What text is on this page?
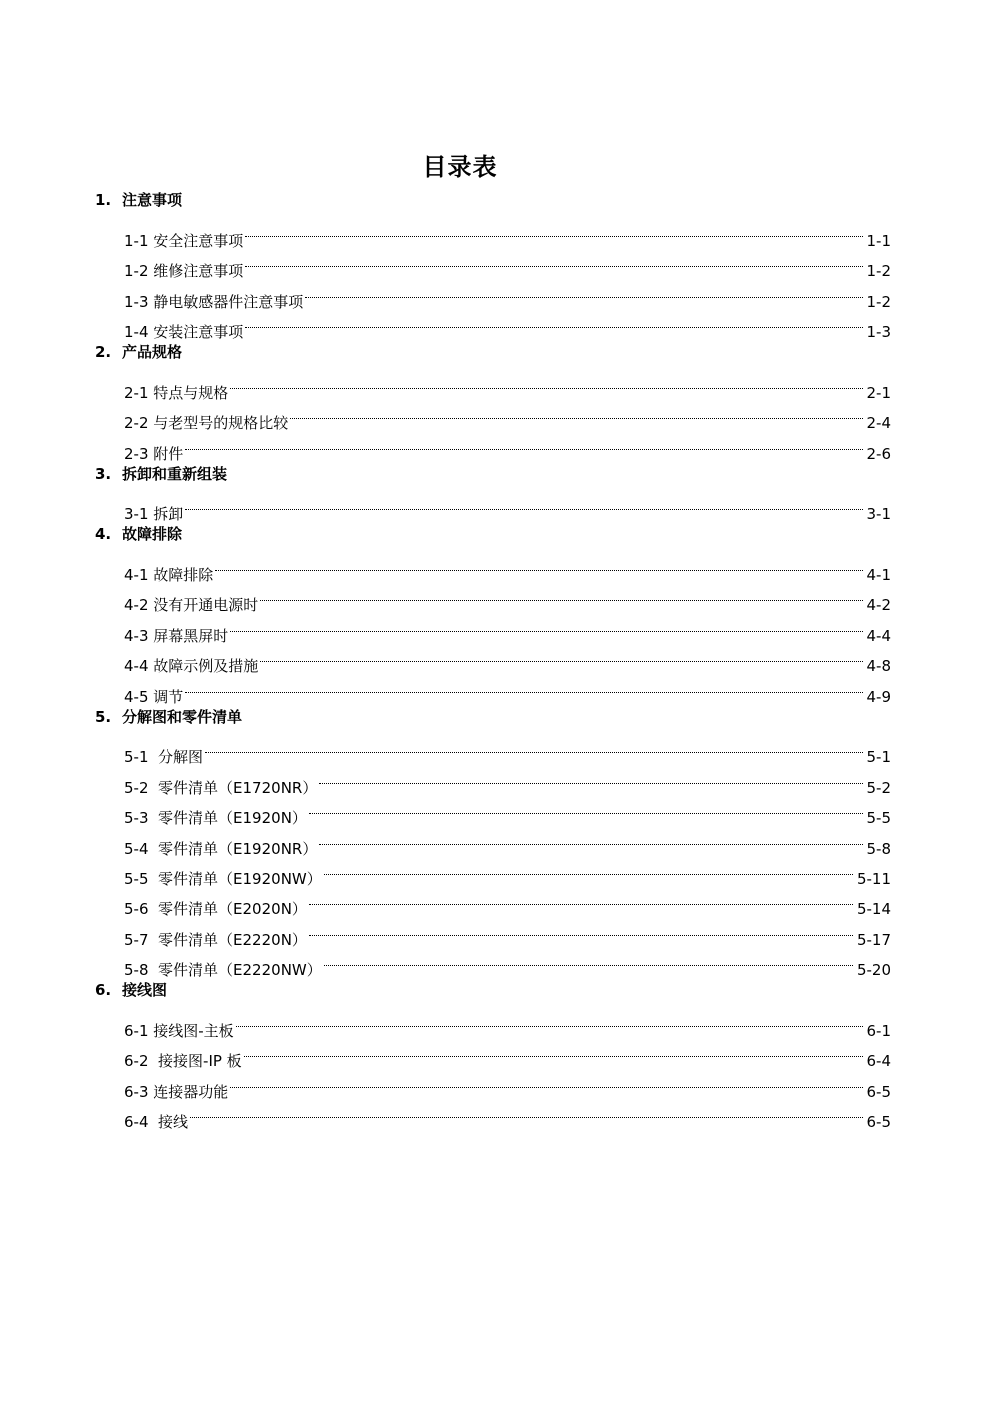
目录表
1. 注意事项
1-1 安全注意事项	1-1
1-2 维修注意事项	1-2
1-3 静电敏感器件注意事项	1-2
1-4 安装注意事项	1-3
2. 产品规格
2-1 特点与规格	2-1
2-2 与老型号的规格比较	2-4
2-3 附件	2-6
3. 拆卸和重新组装
3-1 拆卸	3-1
4. 故障排除
4-1 故障排除	4-1
4-2 没有开通电源时	4-2
4-3 屏幕黑屏时	4-4
4-4 故障示例及措施	4-8
4-5 调节	4-9
5. 分解图和零件清单
5-1  分解图	5-1
5-2  零件清单（E1720NR）	5-2
5-3  零件清单（E1920N）	5-5
5-4  零件清单（E1920NR）	5-8
5-5  零件清单（E1920NW）	5-11
5-6  零件清单（E2020N）	5-14
5-7  零件清单（E2220N）	5-17
5-8  零件清单（E2220NW）	5-20
6. 接线图
6-1 接线图-主板	6-1
6-2  接接图-IP 板	6-4
6-3 连接器功能	6-5
6-4  接线	6-5
